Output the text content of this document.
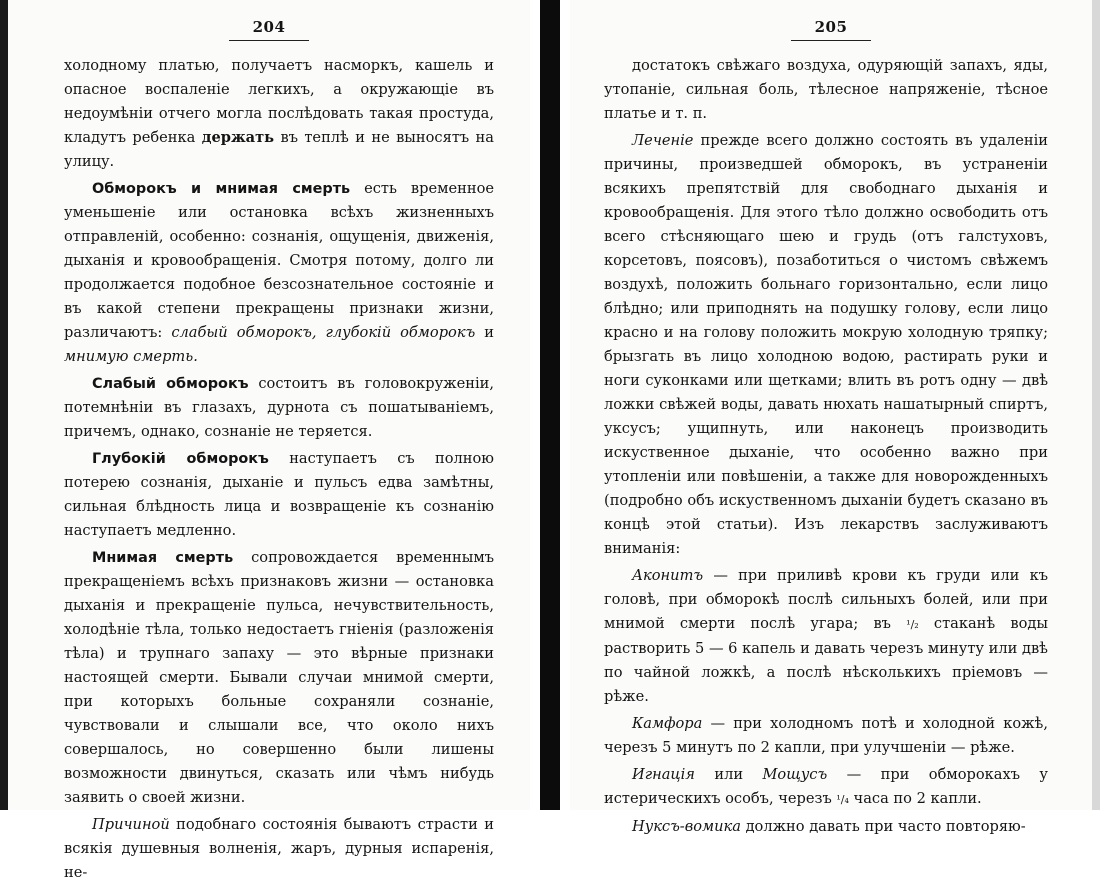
204

холодному платью, получаетъ насморкъ, кашель и опасное воспаленіе легкихъ, а окружающіе въ недоумѣніи отчего могла послѣдовать такая простуда, кладутъ ребенка держать въ теплѣ и не выносятъ на улицу.

Обморокъ и мнимая смерть есть временное уменьшеніе или остановка всѣхъ жизненныхъ отправленій, особенно: сознанія, ощущенія, движенія, дыханія и кровообращенія. Смотря потому, долго ли продолжается подобное безсознательное состояніе и въ какой степени прекращены признаки жизни, различаютъ: слабый обморокъ, глубокій обморокъ и мнимую смерть.

Слабый обморокъ состоитъ въ головокруженіи, потемнѣніи въ глазахъ, дурнота съ пошатываніемъ, причемъ, однако, сознаніе не теряется.

Глубокій обморокъ наступаетъ съ полною потерею сознанія, дыханіе и пульсъ едва замѣтны, сильная блѣдность лица и возвращеніе къ сознанію наступаетъ медленно.

Мнимая смерть сопровождается временнымъ прекращеніемъ всѣхъ признаковъ жизни — остановка дыханія и прекращеніе пульса, нечувствительность, холодѣніе тѣла, только недостаетъ гніенія (разложенія тѣла) и трупнаго запаху — это вѣрные признаки настоящей смерти. Бывали случаи мнимой смерти, при которыхъ больные сохраняли сознаніе, чувствовали и слышали все, что около нихъ совершалось, но совершенно были лишены возможности двинуться, сказать или чѣмъ нибудь заявить о своей жизни.

Причиной подобнаго состоянія бываютъ страсти и всякія душевныя волненія, жаръ, дурныя испаренія, не-

205

достатокъ свѣжаго воздуха, одуряющій запахъ, яды, утопаніе, сильная боль, тѣлесное напряженіе, тѣсное платье и т. п.

Леченіе прежде всего должно состоять въ удаленіи причины, произведшей обморокъ, въ устраненіи всякихъ препятствій для свободнаго дыханія и кровообращенія. Для этого тѣло должно освободить отъ всего стѣсняющаго шею и грудь (отъ галстуховъ, корсетовъ, поясовъ), позаботиться о чистомъ свѣжемъ воздухѣ, положить больнаго горизонтально, если лицо блѣдно; или приподнять на подушку голову, если лицо красно и на голову положить мокрую холодную тряпку; брызгать въ лицо холодною водою, растирать руки и ноги суконками или щетками; влить въ ротъ одну — двѣ ложки свѣжей воды, давать нюхать нашатырный спиртъ, уксусъ; ущипнуть, или наконецъ производить искуственное дыханіе, что особенно важно при утопленіи или повѣшеніи, а также для новорожденныхъ (подробно объ искуственномъ дыханіи будетъ сказано въ концѣ этой статьи). Изъ лекарствъ заслуживаютъ вниманія:

Аконитъ — при приливѣ крови къ груди или къ головѣ, при обморокѣ послѣ сильныхъ болей, или при мнимой смерти послѣ угара; въ ¹/₂ стаканѣ воды растворить 5 — 6 капель и давать черезъ минуту или двѣ по чайной ложкѣ, а послѣ нѣсколькихъ пріемовъ — рѣже.

Камфора — при холодномъ потѣ и холодной кожѣ, черезъ 5 минутъ по 2 капли, при улучшеніи — рѣже.

Игнація или Мощусъ — при обморокахъ у истерическихъ особъ, черезъ ¹/₄ часа по 2 капли.

Нуксъ-вомика должно давать при часто повторяю-
